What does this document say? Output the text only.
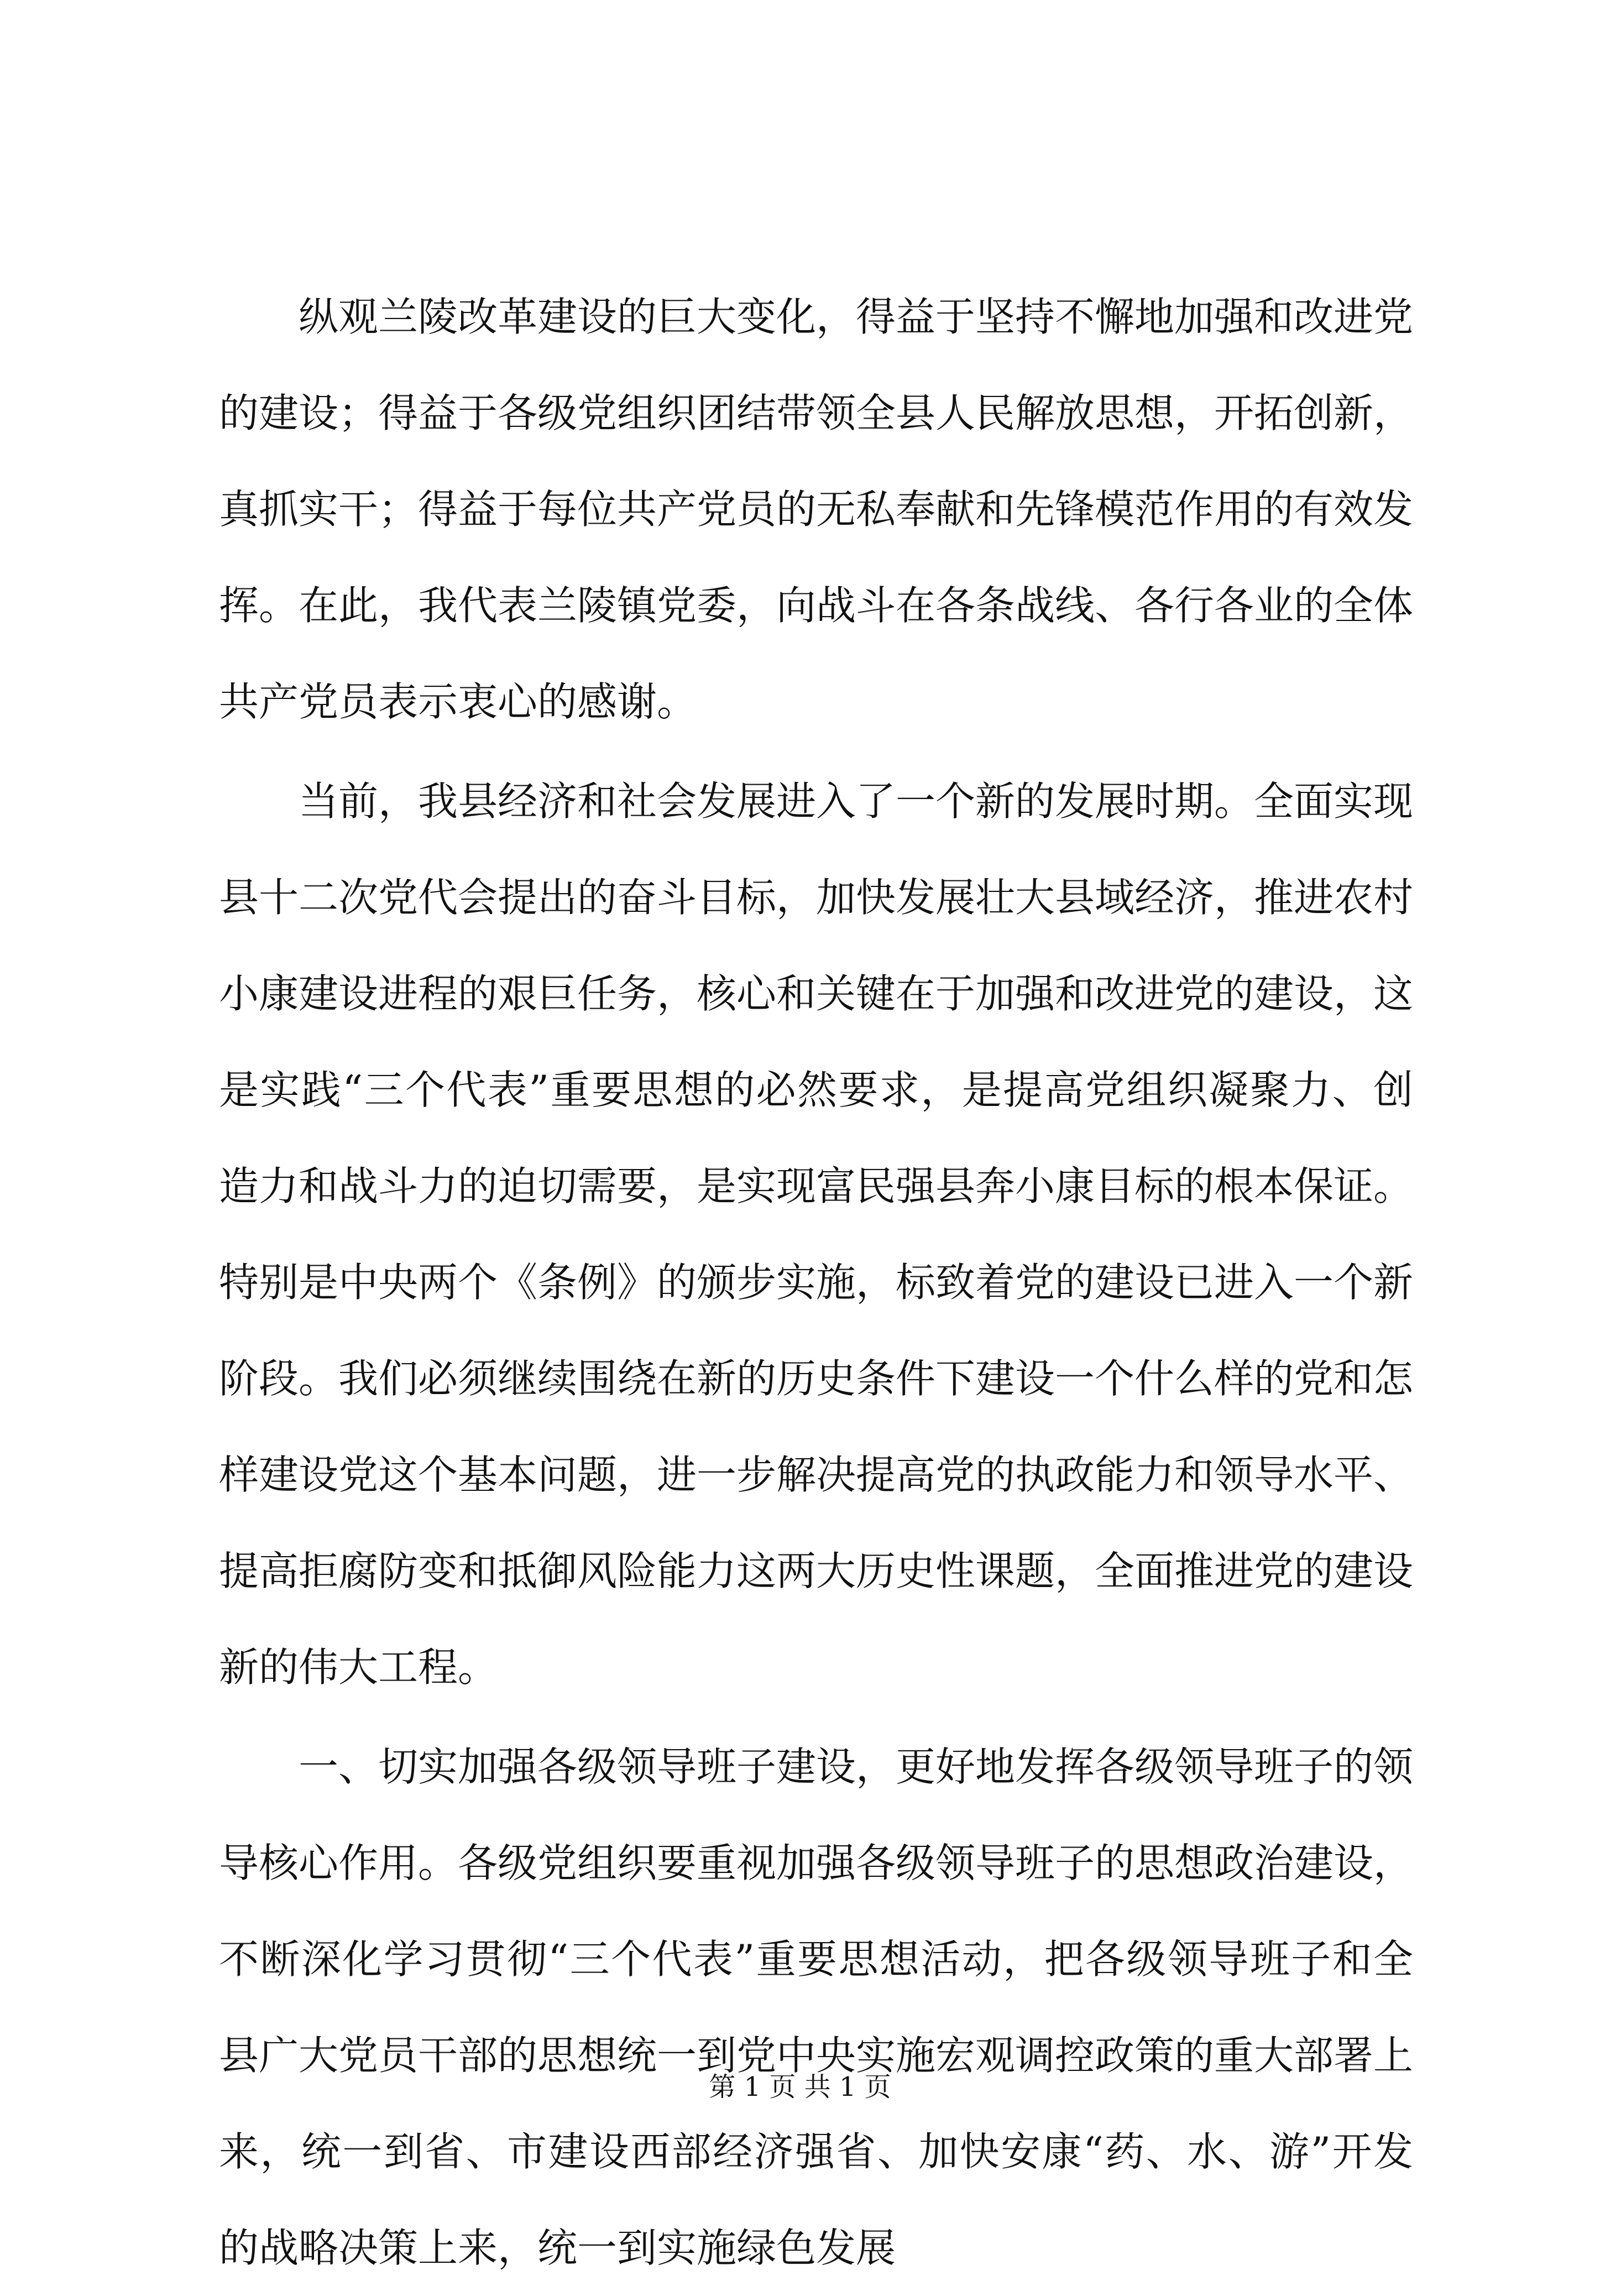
纵观兰陵改革建设的巨大变化，得益于坚持不懈地加强和改进党的建设；得益于各级党组织团结带领全县人民解放思想，开拓创新，真抓实干；得益于每位共产党员的无私奉献和先锋模范作用的有效发挥。在此，我代表兰陵镇党委，向战斗在各条战线、各行各业的全体共产党员表示衷心的感谢。

当前，我县经济和社会发展进入了一个新的发展时期。全面实现县十二次党代会提出的奋斗目标，加快发展壮大县域经济，推进农村小康建设进程的艰巨任务，核心和关键在于加强和改进党的建设，这是实践“三个代表”重要思想的必然要求，是提高党组织凝聚力、创造力和战斗力的迫切需要，是实现富民强县奔小康目标的根本保证。特别是中央两个《条例》的颁步实施，标致着党的建设已进入一个新阶段。我们必须继续围绕在新的历史条件下建设一个什么样的党和怎样建设党这个基本问题，进一步解决提高党的执政能力和领导水平、提高拒腐防变和抵御风险能力这两大历史性课题，全面推进党的建设新的伟大工程。

一、切实加强各级领导班子建设，更好地发挥各级领导班子的领导核心作用。各级党组织要重视加强各级领导班子的思想政治建设，不断深化学习贯彻“三个代表”重要思想活动，把各级领导班子和全县广大党员干部的思想统一到党中央实施宏观调控政策的重大部署上来，统一到省、市建设西部经济强省、加快安康“药、水、游”开发的战略决策上来，统一到实施绿色发展

第 1 页 共 1 页
